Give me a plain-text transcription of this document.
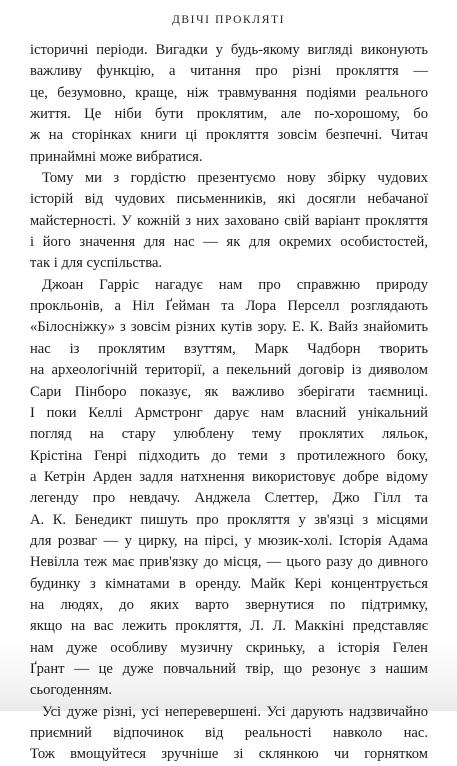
ДВІЧІ ПРОКЛЯТІ
історичні періоди. Вигадки у будь-якому вигляді виконують
важливу функцію, а читання про різні прокляття —
це, безумовно, краще, ніж травмування подіями реального
життя. Це ніби бути проклятим, але по-хорошому, бо
ж на сторінках книги ці прокляття зовсім безпечні. Читач
принаймні може вибратися.
Тому ми з гордістю презентуємо нову збірку чудових
історій від чудових письменників, які досягли небачаної
майстерності. У кожній з них заховано свій варіант прокляття
і його значення для нас — як для окремих особистостей,
так і для суспільства.
Джоан Гарріс нагадує нам про справжню природу
прокльонів, а Ніл Ґейман та Лора Перселл розглядають
«Білосніжку» з зовсім різних кутів зору. Е. К. Вайз знайомить
нас із проклятим взуттям, Марк Чадборн творить
на археологічній території, а пекельний договір із дияволом
Сари Пінборо показує, як важливо зберігати таємниці.
І поки Келлі Армстронг дарує нам власний унікальний
погляд на стару улюблену тему проклятих ляльок,
Крістіна Генрі підходить до теми з протилежного боку,
а Кетрін Арден задля натхнення використовує добре відому
легенду про невдачу. Анджела Слеттер, Джо Гілл та
А. К. Бенедикт пишуть про прокляття у зв'язці з місцями
для розваг — у цирку, на пірсі, у мюзик-холі. Історія Адама
Невілла теж має прив'язку до місця, — цього разу до дивного
будинку з кімнатами в оренду. Майк Кері концентрується
на людях, до яких варто звернутися по підтримку,
якщо на вас лежить прокляття, Л. Л. Маккіні представляє
нам дуже особливу музичну скриньку, а історія Гелен
Ґрант — це дуже повчальний твір, що резонує з нашим
сьогоденням.
Усі дуже різні, усі неперевершені. Усі дарують надзвичайно
приємний відпочинок від реальності навколо нас.
Тож вмощуйтеся зручніше зі склянкою чи горнятком
